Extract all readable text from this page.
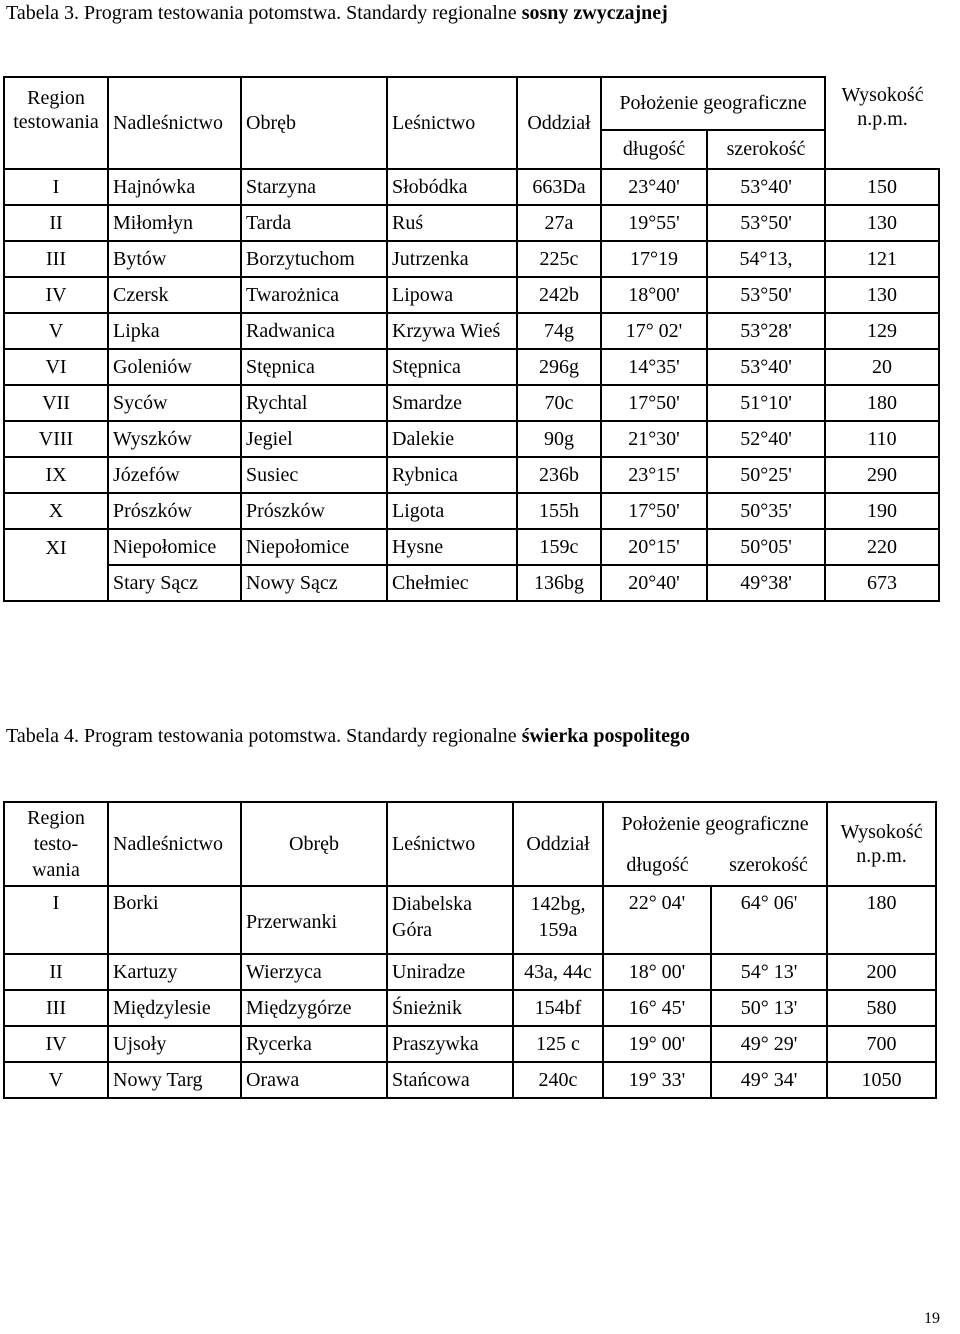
Tabela 3. Program testowania potomstwa. Standardy regionalne sosny zwyczajnej
Region testowania	Nadleśnictwo	Obręb	Leśnictwo	Oddział	Położenie geograficzne		Wysokość n.p.m.
					długość	szerokość	
I	Hajnówka	Starzyna	Słobódka	663Da	23°40'	53°40'	150
II	Miłomłyn	Tarda	Ruś	27a	19°55'	53°50'	130
III	Bytów	Borzytuchom	Jutrzenka	225c	17°19	54°13,	121
IV	Czersk	Twarożnica	Lipowa	242b	18°00'	53°50'	130
V	Lipka	Radwanica	Krzywa Wieś	74g	17° 02'	53°28'	129
VI	Goleniów	Stępnica	Stępnica	296g	14°35'	53°40'	20
VII	Syców	Rychtal	Smardze	70c	17°50'	51°10'	180
VIII	Wyszków	Jegiel	Dalekie	90g	21°30'	52°40'	110
IX	Józefów	Susiec	Rybnica	236b	23°15'	50°25'	290
X	Prószków	Prószków	Ligota	155h	17°50'	50°35'	190
XI	Niepołomice	Niepołomice	Hysne	159c	20°15'	50°05'	220
	Stary Sącz	Nowy Sącz	Chełmiec	136bg	20°40'	49°38'	673
Tabela 4. Program testowania potomstwa. Standardy regionalne świerka pospolitego
Region testo-wania	Nadleśnictwo	Obręb	Leśnictwo	Oddział	Położenie geograficzne		Wysokość n.p.m.
					długość	szerokość	
I	Borki	Przerwanki	Diabelska Góra	142bg, 159a	22° 04'	64° 06'	180
II	Kartuzy	Wierzyca	Uniradze	43a, 44c	18° 00'	54° 13'	200
III	Międzylesie	Międzygórze	Śnieżnik	154bf	16° 45'	50° 13'	580
IV	Ujsoły	Rycerka	Praszywka	125 c	19° 00'	49° 29'	700
V	Nowy Targ	Orawa	Stańcowa	240c	19° 33'	49° 34'	1050
19
